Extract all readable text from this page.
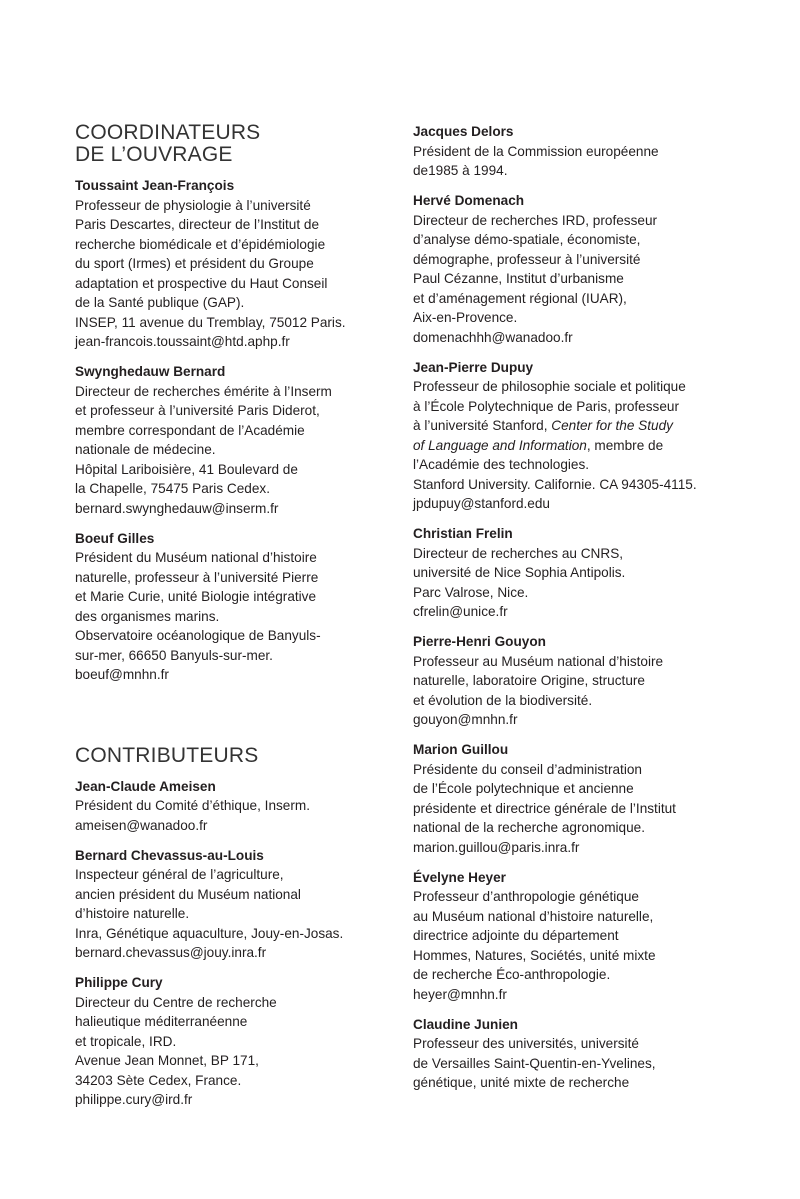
COORDINATEURS
DE L’OUVRAGE
Toussaint Jean-François
Professeur de physiologie à l’université
Paris Descartes, directeur de l’Institut de
recherche biomédicale et d’épidémiologie
du sport (Irmes) et président du Groupe
adaptation et prospective du Haut Conseil
de la Santé publique (GAP).
INSEP, 11 avenue du Tremblay, 75012 Paris.
jean-francois.toussaint@htd.aphp.fr
Swynghedauw Bernard
Directeur de recherches émérite à l’Inserm
et professeur à l’université Paris Diderot,
membre correspondant de l’Académie
nationale de médecine.
Hôpital Lariboisière, 41 Boulevard de
la Chapelle, 75475 Paris Cedex.
bernard.swynghedauw@inserm.fr
Boeuf Gilles
Président du Muséum national d’histoire
naturelle, professeur à l’université Pierre
et Marie Curie, unité Biologie intégrative
des organismes marins.
Observatoire océanologique de Banyuls-
sur-mer, 66650 Banyuls-sur-mer.
boeuf@mnhn.fr
CONTRIBUTEURS
Jean-Claude Ameisen
Président du Comité d’éthique, Inserm.
ameisen@wanadoo.fr
Bernard Chevassus-au-Louis
Inspecteur général de l’agriculture,
ancien président du Muséum national
d’histoire naturelle.
Inra, Génétique aquaculture, Jouy-en-Josas.
bernard.chevassus@jouy.inra.fr
Philippe Cury
Directeur du Centre de recherche
halieutique méditerranéenne
et tropicale, IRD.
Avenue Jean Monnet, BP 171,
34203 Sète Cedex, France.
philippe.cury@ird.fr
Jacques Delors
Président de la Commission européenne
de1985 à 1994.
Hervé Domenach
Directeur de recherches IRD, professeur
d’analyse démo-spatiale, économiste,
démographe, professeur à l’université
Paul Cézanne, Institut d’urbanisme
et d’aménagement régional (IUAR),
Aix-en-Provence.
domenachhh@wanadoo.fr
Jean-Pierre Dupuy
Professeur de philosophie sociale et politique
à l’École Polytechnique de Paris, professeur
à l’université Stanford, Center for the Study
of Language and Information, membre de
l’Académie des technologies.
Stanford University. Californie. CA 94305-4115.
jpdupuy@stanford.edu
Christian Frelin
Directeur de recherches au CNRS,
université de Nice Sophia Antipolis.
Parc Valrose, Nice.
cfrelin@unice.fr
Pierre-Henri Gouyon
Professeur au Muséum national d’histoire
naturelle, laboratoire Origine, structure
et évolution de la biodiversité.
gouyon@mnhn.fr
Marion Guillou
Présidente du conseil d’administration
de l’École polytechnique et ancienne
présidente et directrice générale de l’Institut
national de la recherche agronomique.
marion.guillou@paris.inra.fr
Évelyne Heyer
Professeur d’anthropologie génétique
au Muséum national d’histoire naturelle,
directrice adjointe du département
Hommes, Natures, Sociétés, unité mixte
de recherche Éco-anthropologie.
heyer@mnhn.fr
Claudine Junien
Professeur des universités, université
de Versailles Saint-Quentin-en-Yvelines,
génétique, unité mixte de recherche
